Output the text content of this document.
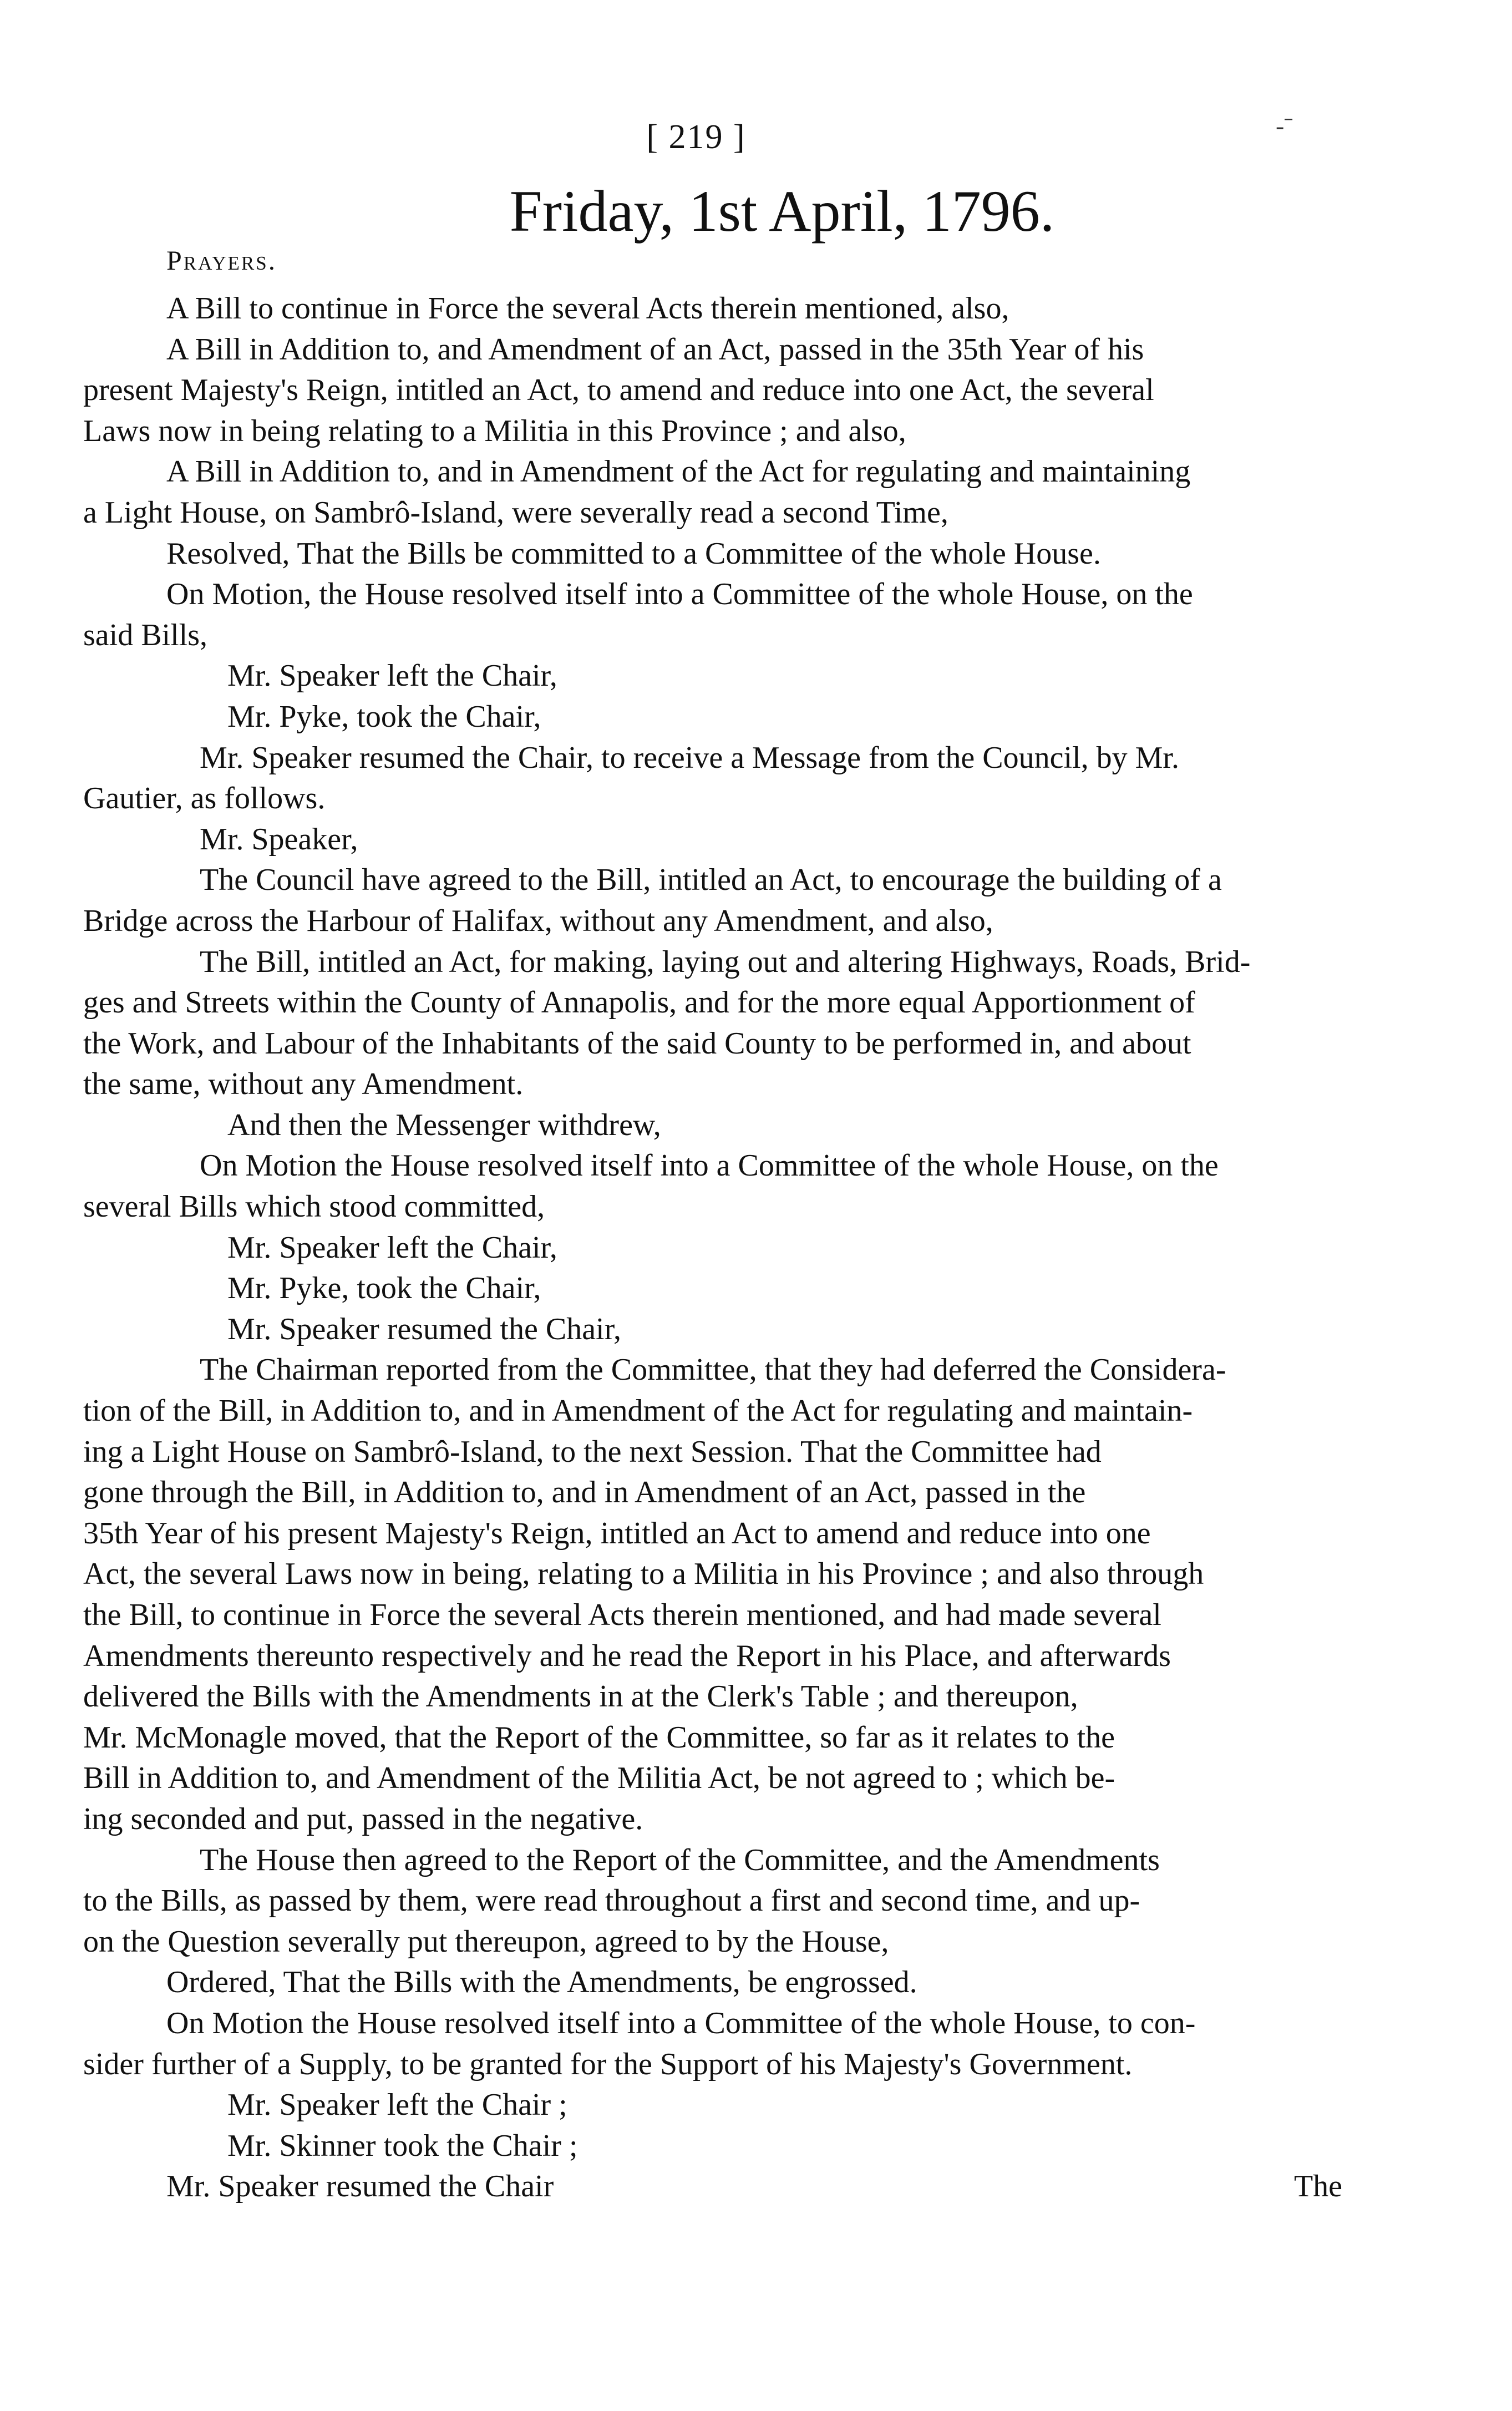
-ˉ
[ 219 ]
Friday, 1st April, 1796.
Prayers.
A Bill to continue in Force the several Acts therein mentioned, also,
A Bill in Addition to, and Amendment of an Act, passed in the 35th Year of his
present Majesty's Reign, intitled an Act, to amend and reduce into one Act, the several
Laws now in being relating to a Militia in this Province ; and also,
A Bill in Addition to, and in Amendment of the Act for regulating and maintaining
a Light House, on Sambrô-Island, were severally read a second Time,
Resolved, That the Bills be committed to a Committee of the whole House.
On Motion, the House resolved itself into a Committee of the whole House, on the
said Bills,
Mr. Speaker left the Chair,
Mr. Pyke, took the Chair,
Mr. Speaker resumed the Chair, to receive a Message from the Council, by Mr.
Gautier, as follows.
Mr. Speaker,
The Council have agreed to the Bill, intitled an Act, to encourage the building of a
Bridge across the Harbour of Halifax, without any Amendment, and also,
The Bill, intitled an Act, for making, laying out and altering Highways, Roads, Brid-
ges and Streets within the County of Annapolis, and for the more equal Apportionment of
the Work, and Labour of the Inhabitants of the said County to be performed in, and about
the same, without any Amendment.
And then the Messenger withdrew,
On Motion the House resolved itself into a Committee of the whole House, on the
several Bills which stood committed,
Mr. Speaker left the Chair,
Mr. Pyke, took the Chair,
Mr. Speaker resumed the Chair,
The Chairman reported from the Committee, that they had deferred the Considera-
tion of the Bill, in Addition to, and in Amendment of the Act for regulating and maintain-
ing a Light House on Sambrô-Island, to the next Session. That the Committee had
gone through the Bill, in Addition to, and in Amendment of an Act, passed in the
35th Year of his present Majesty's Reign, intitled an Act to amend and reduce into one
Act, the several Laws now in being, relating to a Militia in his Province ; and also through
the Bill, to continue in Force the several Acts therein mentioned, and had made several
Amendments thereunto respectively and he read the Report in his Place, and afterwards
delivered the Bills with the Amendments in at the Clerk's Table ; and thereupon,
Mr. McMonagle moved, that the Report of the Committee, so far as it relates to the
Bill in Addition to, and Amendment of the Militia Act, be not agreed to ; which be-
ing seconded and put, passed in the negative.
The House then agreed to the Report of the Committee, and the Amendments
to the Bills, as passed by them, were read throughout a first and second time, and up-
on the Question severally put thereupon, agreed to by the House,
Ordered, That the Bills with the Amendments, be engrossed.
On Motion the House resolved itself into a Committee of the whole House, to con-
sider further of a Supply, to be granted for the Support of his Majesty's Government.
Mr. Speaker left the Chair ;
Mr. Skinner took the Chair ;
Mr. Speaker resumed the Chair	The
